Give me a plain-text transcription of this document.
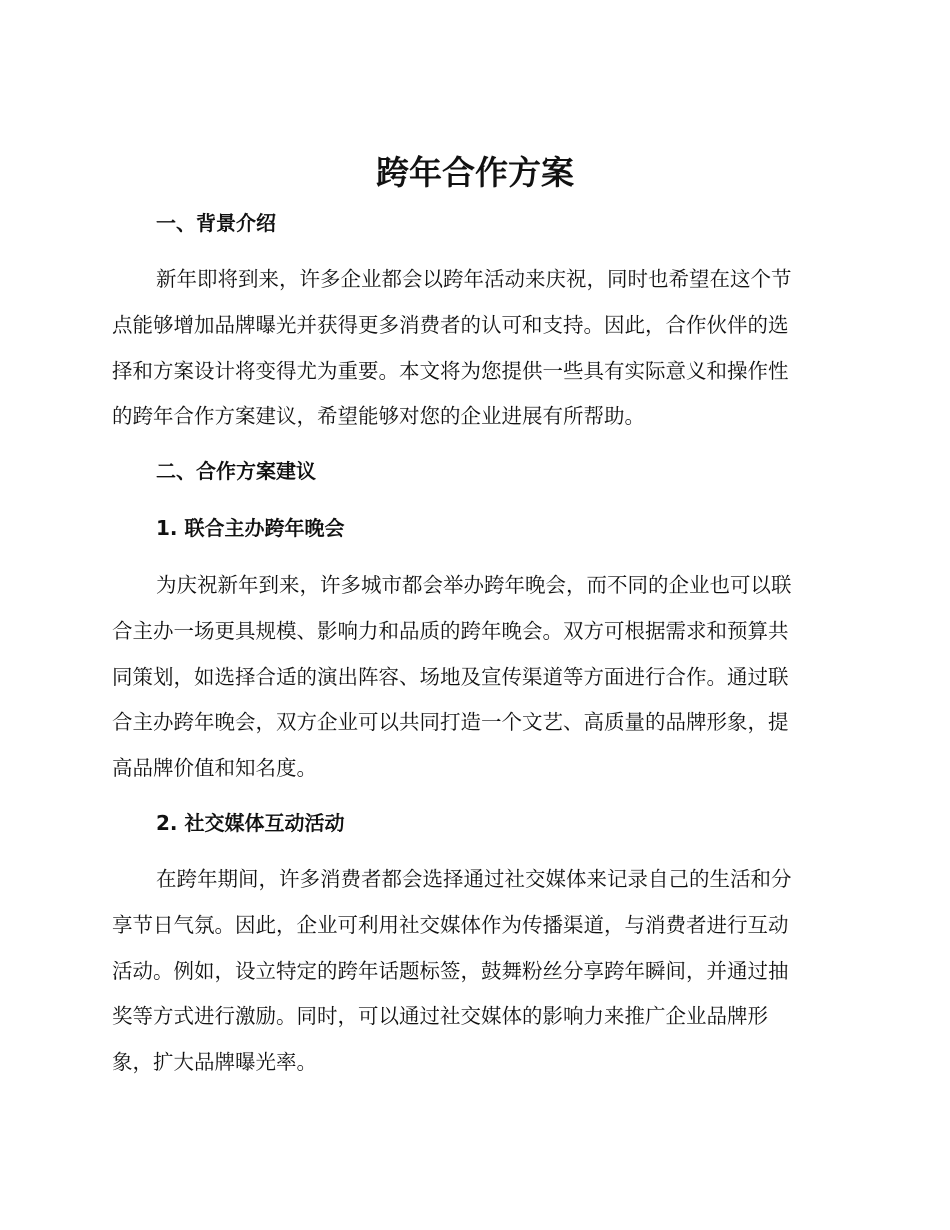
跨年合作方案
一、背景介绍
新年即将到来，许多企业都会以跨年活动来庆祝，同时也希望在这个节
点能够增加品牌曝光并获得更多消费者的认可和支持。因此，合作伙伴的选
择和方案设计将变得尤为重要。本文将为您提供一些具有实际意义和操作性
的跨年合作方案建议，希望能够对您的企业进展有所帮助。
二、合作方案建议
1. 联合主办跨年晚会
为庆祝新年到来，许多城市都会举办跨年晚会，而不同的企业也可以联
合主办一场更具规模、影响力和品质的跨年晚会。双方可根据需求和预算共
同策划，如选择合适的演出阵容、场地及宣传渠道等方面进行合作。通过联
合主办跨年晚会，双方企业可以共同打造一个文艺、高质量的品牌形象，提
高品牌价值和知名度。
2. 社交媒体互动活动
在跨年期间，许多消费者都会选择通过社交媒体来记录自己的生活和分
享节日气氛。因此，企业可利用社交媒体作为传播渠道，与消费者进行互动
活动。例如，设立特定的跨年话题标签，鼓舞粉丝分享跨年瞬间，并通过抽
奖等方式进行激励。同时，可以通过社交媒体的影响力来推广企业品牌形
象，扩大品牌曝光率。
